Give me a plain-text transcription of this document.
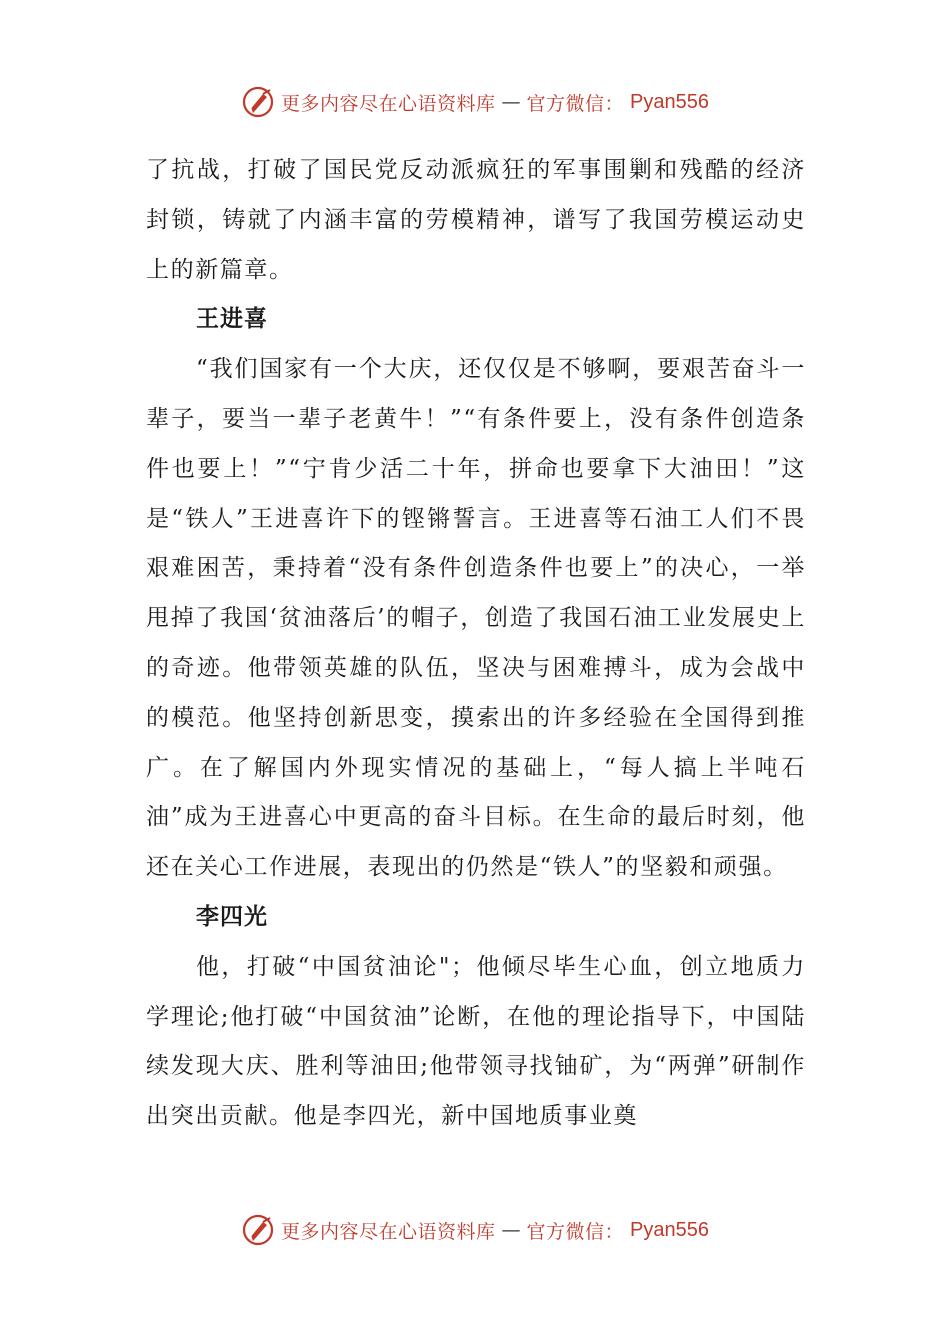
更多内容尽在心语资料库 — 官方微信： Pyan556

了抗战，打破了国民党反动派疯狂的军事围剿和残酷的经济封锁，铸就了内涵丰富的劳模精神，谱写了我国劳模运动史上的新篇章。

王进喜

“我们国家有一个大庆，还仅仅是不够啊，要艰苦奋斗一辈子，要当一辈子老黄牛！”“有条件要上，没有条件创造条件也要上！”“宁肯少活二十年，拼命也要拿下大油田！”这是“铁人”王进喜许下的铿锵誓言。王进喜等石油工人们不畏艰难困苦，秉持着“没有条件创造条件也要上”的决心，一举甩掉了我国‘贫油落后’的帽子，创造了我国石油工业发展史上的奇迹。他带领英雄的队伍，坚决与困难搏斗，成为会战中的模范。他坚持创新思变，摸索出的许多经验在全国得到推广。在了解国内外现实情况的基础上，“每人搞上半吨石油”成为王进喜心中更高的奋斗目标。在生命的最后时刻，他还在关心工作进展，表现出的仍然是“铁人”的坚毅和顽强。

李四光

他，打破“中国贫油论"；他倾尽毕生心血，创立地质力学理论;他打破“中国贫油”论断，在他的理论指导下，中国陆续发现大庆、胜利等油田;他带领寻找铀矿，为“两弹”研制作出突出贡献。他是李四光，新中国地质事业奠

更多内容尽在心语资料库 — 官方微信： Pyan556
